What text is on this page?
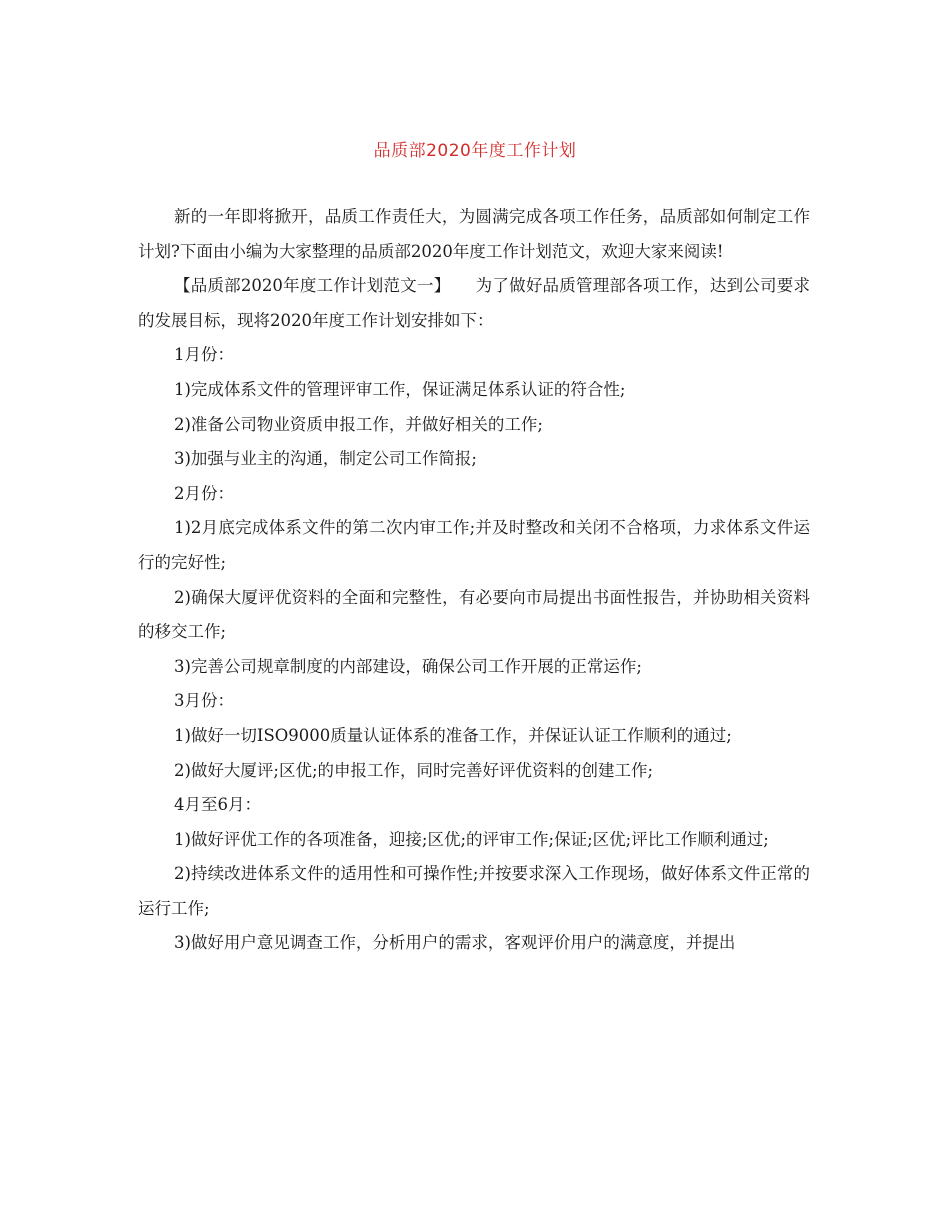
品质部2020年度工作计划

新的一年即将掀开，品质工作责任大，为圆满完成各项工作任务，品质部如何制定工作计划?下面由小编为大家整理的品质部2020年度工作计划范文，欢迎大家来阅读!

【品质部2020年度工作计划范文一】　　为了做好品质管理部各项工作，达到公司要求的发展目标，现将2020年度工作计划安排如下：

1月份：

1)完成体系文件的管理评审工作，保证满足体系认证的符合性;

2)准备公司物业资质申报工作，并做好相关的工作;

3)加强与业主的沟通，制定公司工作简报;

2月份：

1)2月底完成体系文件的第二次内审工作;并及时整改和关闭不合格项，力求体系文件运行的完好性;

2)确保大厦评优资料的全面和完整性，有必要向市局提出书面性报告，并协助相关资料的移交工作;

3)完善公司规章制度的内部建设，确保公司工作开展的正常运作;

3月份：

1)做好一切ISO9000质量认证体系的准备工作，并保证认证工作顺利的通过;

2)做好大厦评;区优;的申报工作，同时完善好评优资料的创建工作;

4月至6月：

1)做好评优工作的各项准备，迎接;区优;的评审工作;保证;区优;评比工作顺利通过;

2)持续改进体系文件的适用性和可操作性;并按要求深入工作现场，做好体系文件正常的运行工作;

3)做好用户意见调查工作，分析用户的需求，客观评价用户的满意度，并提出
